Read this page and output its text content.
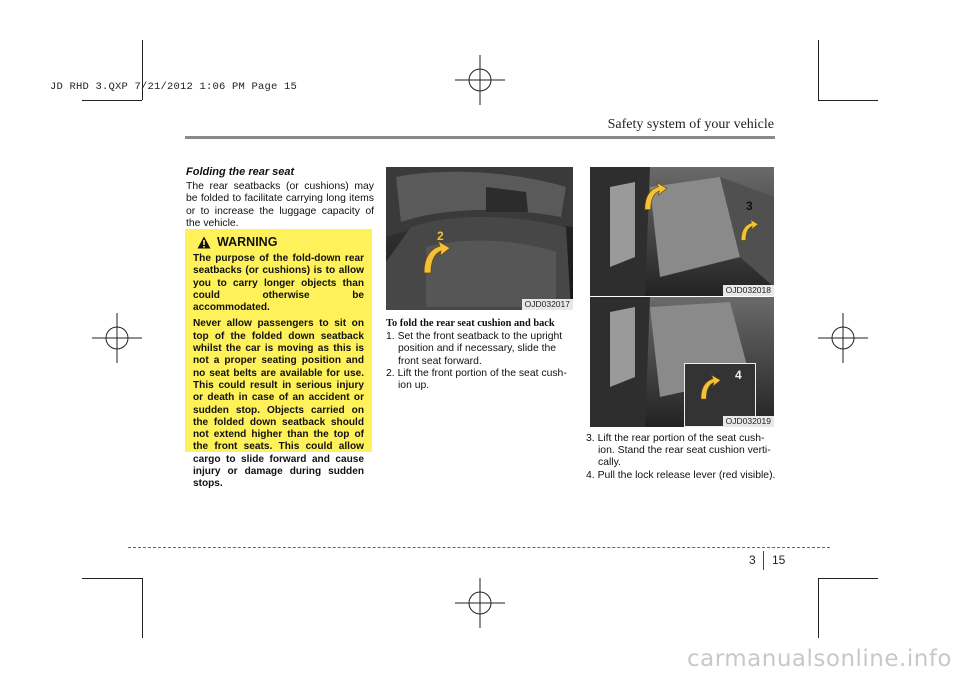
JD RHD 3.QXP 7/21/2012 1:06 PM Page 15
Safety system of your vehicle
Folding the rear seat
The rear seatbacks (or cushions) may be folded to facilitate carrying long items or to increase the luggage capacity of the vehicle.
WARNING

The purpose of the fold-down rear seatbacks (or cushions) is to allow you to carry longer objects than could otherwise be accommodated.

Never allow passengers to sit on top of the folded down seatback whilst the car is moving as this is not a proper seating position and no seat belts are available for use. This could result in serious injury or death in case of an accident or sudden stop. Objects carried on the folded down seatback should not extend higher than the top of the front seats. This could allow cargo to slide forward and cause injury or damage during sudden stops.

2
OJD032017
3
OJD032018
4
OJD032019
To fold the rear seat cushion and back
1. Set the front seatback to the upright position and if necessary, slide the front seat forward.
2. Lift the front portion of the seat cush-ion up.
3. Lift the rear portion of the seat cush-ion. Stand the rear seat cushion verti-cally.
4. Pull the lock release lever (red visible).
3 15
carmanualsonline.info
